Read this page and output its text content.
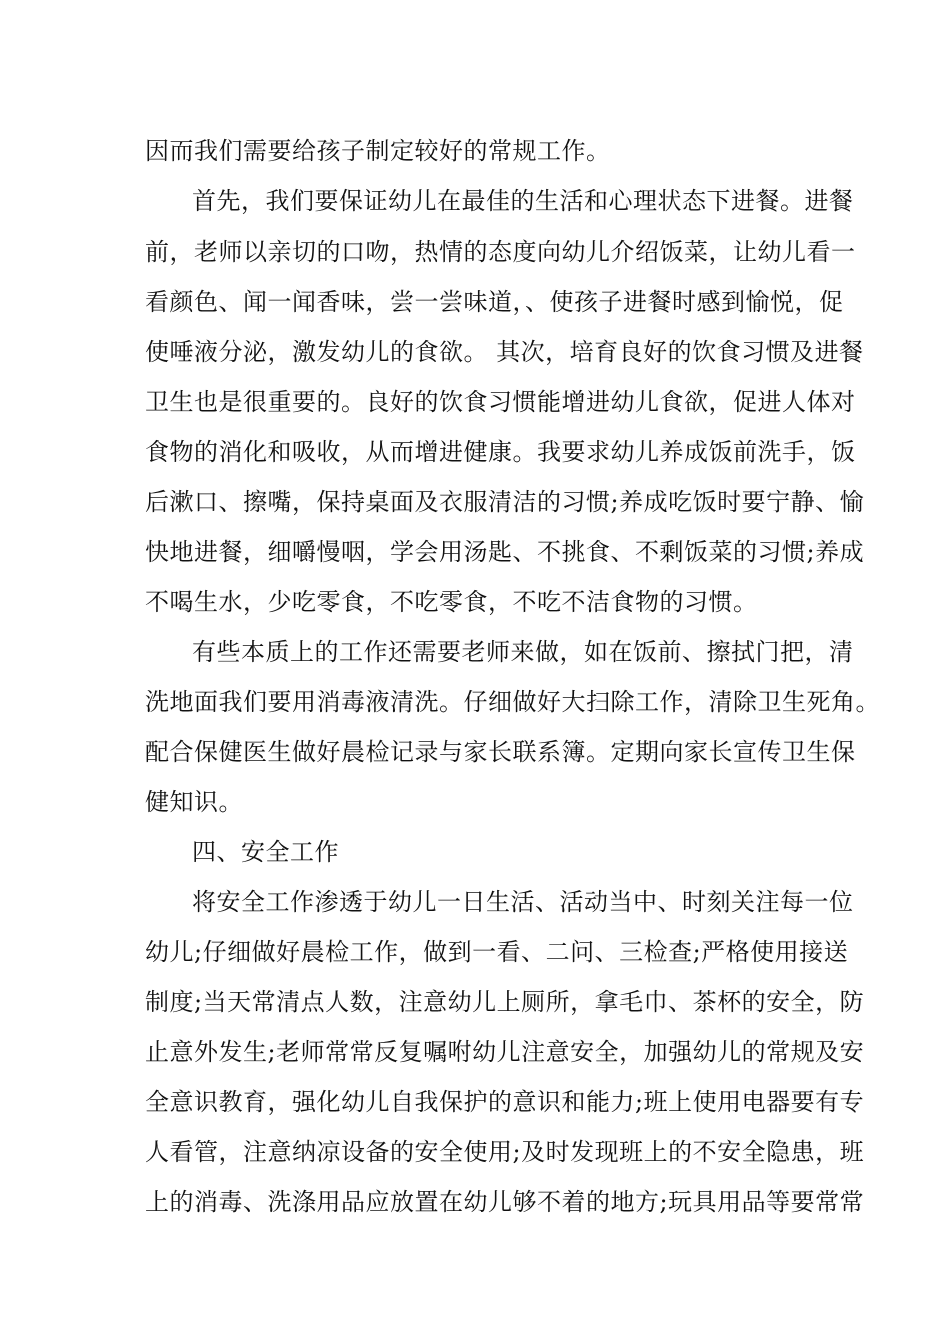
因而我们需要给孩子制定较好的常规工作。
首先，我们要保证幼儿在最佳的生活和心理状态下进餐。进餐
前，老师以亲切的口吻，热情的态度向幼儿介绍饭菜，让幼儿看一
看颜色、闻一闻香味，尝一尝味道，、使孩子进餐时感到愉悦，促
使唾液分泌，激发幼儿的食欲。 其次，培育良好的饮食习惯及进餐
卫生也是很重要的。良好的饮食习惯能增进幼儿食欲，促进人体对
食物的消化和吸收，从而增进健康。我要求幼儿养成饭前洗手，饭
后漱口、擦嘴，保持桌面及衣服清洁的习惯;养成吃饭时要宁静、愉
快地进餐，细嚼慢咽，学会用汤匙、不挑食、不剩饭菜的习惯;养成
不喝生水，少吃零食，不吃零食，不吃不洁食物的习惯。
有些本质上的工作还需要老师来做，如在饭前、擦拭门把，清
洗地面我们要用消毒液清洗。仔细做好大扫除工作，清除卫生死角。
配合保健医生做好晨检记录与家长联系簿。定期向家长宣传卫生保
健知识。
四、安全工作
将安全工作渗透于幼儿一日生活、活动当中、时刻关注每一位
幼儿;仔细做好晨检工作，做到一看、二问、三检查;严格使用接送
制度;当天常清点人数，注意幼儿上厕所，拿毛巾、茶杯的安全，防
止意外发生;老师常常反复嘱咐幼儿注意安全，加强幼儿的常规及安
全意识教育，强化幼儿自我保护的意识和能力;班上使用电器要有专
人看管，注意纳凉设备的安全使用;及时发现班上的不安全隐患，班
上的消毒、洗涤用品应放置在幼儿够不着的地方;玩具用品等要常常
